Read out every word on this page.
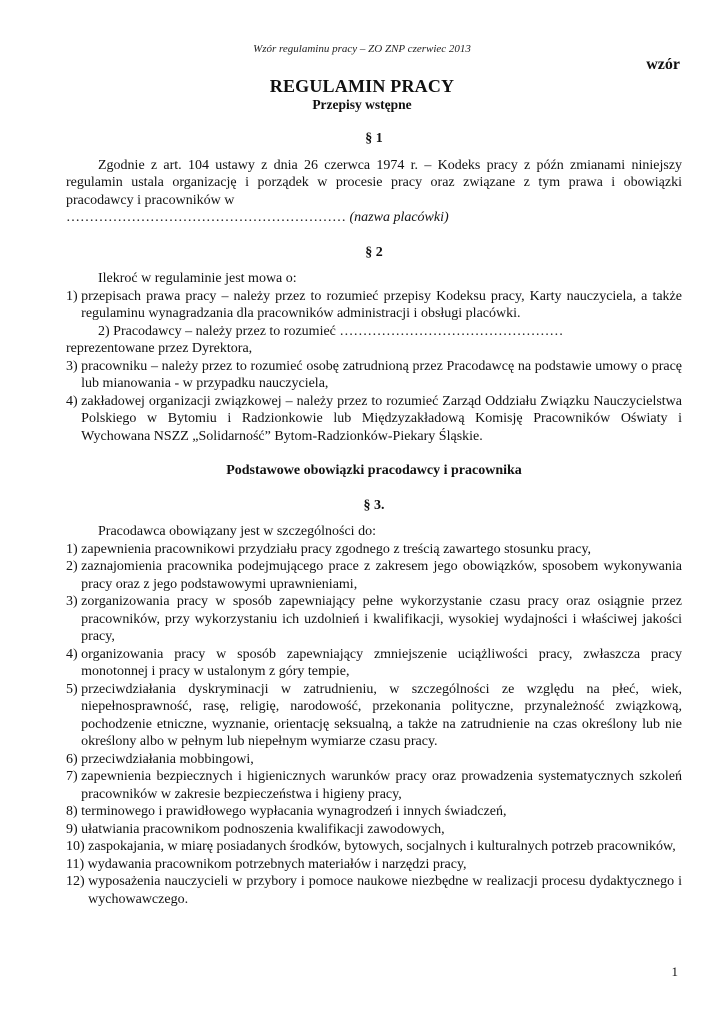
Wzór regulaminu pracy – ZO ZNP czerwiec 2013
wzór
REGULAMIN PRACY
Przepisy wstępne
§ 1
Zgodnie z art. 104 ustawy z dnia 26 czerwca 1974 r. – Kodeks pracy z późn zmianami niniejszy regulamin ustala organizację i porządek w procesie pracy oraz związane z tym prawa i obowiązki pracodawcy i pracowników w
…………………………………………………… (nazwa placówki)
§ 2
Ilekroć w regulaminie jest mowa o:
1) przepisach prawa pracy – należy przez to rozumieć przepisy Kodeksu pracy, Karty nauczyciela, a także regulaminu wynagradzania dla pracowników administracji i obsługi placówki.
2) Pracodawcy – należy przez to rozumieć …………………………………………
reprezentowane przez Dyrektora,
3) pracowniku – należy przez to rozumieć osobę zatrudnioną przez Pracodawcę na podstawie umowy o pracę lub mianowania - w przypadku nauczyciela,
4) zakładowej organizacji związkowej – należy przez to rozumieć Zarząd Oddziału Związku Nauczycielstwa Polskiego w Bytomiu i Radzionkowie lub Międzyzakładową Komisję Pracowników Oświaty i Wychowana NSZZ „Solidarność” Bytom-Radzionków-Piekary Śląskie.
Podstawowe obowiązki pracodawcy i pracownika
§ 3.
Pracodawca obowiązany jest w szczególności do:
1) zapewnienia pracownikowi przydziału pracy zgodnego z treścią zawartego stosunku pracy,
2) zaznajomienia pracownika podejmującego prace z zakresem jego obowiązków, sposobem wykonywania pracy oraz z jego podstawowymi uprawnieniami,
3) zorganizowania pracy w sposób zapewniający pełne wykorzystanie czasu pracy oraz osiągnie przez pracowników, przy wykorzystaniu ich uzdolnień i kwalifikacji, wysokiej wydajności i właściwej jakości pracy,
4) organizowania pracy w sposób zapewniający zmniejszenie uciążliwości pracy, zwłaszcza pracy monotonnej i pracy w ustalonym z góry tempie,
5) przeciwdziałania dyskryminacji w zatrudnieniu, w szczególności ze względu na płeć, wiek, niepełnosprawność, rasę, religię, narodowość, przekonania polityczne, przynależność związkową, pochodzenie etniczne, wyznanie, orientację seksualną, a także na zatrudnienie na czas określony lub nie określony albo w pełnym lub niepełnym wymiarze czasu pracy.
6) przeciwdziałania mobbingowi,
7) zapewnienia bezpiecznych i higienicznych warunków pracy oraz prowadzenia systematycznych szkoleń pracowników w zakresie bezpieczeństwa i higieny pracy,
8) terminowego i prawidłowego wypłacania wynagrodzeń i innych świadczeń,
9) ułatwiania pracownikom podnoszenia kwalifikacji zawodowych,
10) zaspokajania, w miarę posiadanych środków, bytowych, socjalnych i kulturalnych potrzeb pracowników,
11) wydawania pracownikom potrzebnych materiałów i narzędzi pracy,
12) wyposażenia nauczycieli w przybory i pomoce naukowe niezbędne w realizacji procesu dydaktycznego i wychowawczego.
1
